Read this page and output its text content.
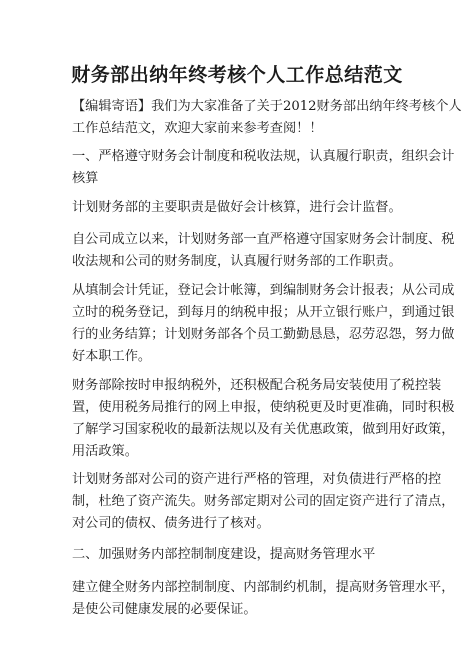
财务部出纳年终考核个人工作总结范文
【编辑寄语】我们为大家准备了关于2012财务部出纳年终考核个人
工作总结范文，欢迎大家前来参考查阅！！
一、严格遵守财务会计制度和税收法规，认真履行职责，组织会计
核算
计划财务部的主要职责是做好会计核算，进行会计监督。
自公司成立以来，计划财务部一直严格遵守国家财务会计制度、税
收法规和公司的财务制度，认真履行财务部的工作职责。
从填制会计凭证，登记会计帐簿，到编制财务会计报表；从公司成
立时的税务登记，到每月的纳税申报；从开立银行账户，到通过银
行的业务结算；计划财务部各个员工勤勤恳恳，忍劳忍怨，努力做
好本职工作。
财务部除按时申报纳税外，还积极配合税务局安装使用了税控装
置，使用税务局推行的网上申报，使纳税更及时更准确，同时积极
了解学习国家税收的最新法规以及有关优惠政策，做到用好政策，
用活政策。
计划财务部对公司的资产进行严格的管理，对负债进行严格的控
制，杜绝了资产流失。财务部定期对公司的固定资产进行了清点，
对公司的债权、债务进行了核对。
二、加强财务内部控制制度建设，提高财务管理水平
建立健全财务内部控制制度、内部制约机制，提高财务管理水平，
是使公司健康发展的必要保证。
